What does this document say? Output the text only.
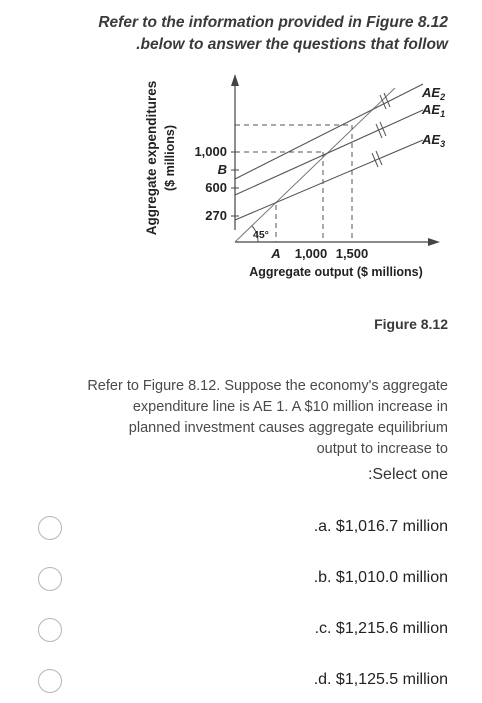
Refer to the information provided in Figure 8.12
.below to answer the questions that follow
45°
1,000
B
600
270
A 1,000 1,500
Aggregate output ($ millions)
Aggregate expenditures ($ millions)
$AE_2$
$AE_1$
$AE_3$
Figure 8.12
Refer to Figure 8.12. Suppose the economy's aggregate
expenditure line is AE 1. A $10 million increase in
planned investment causes aggregate equilibrium
output to increase to
:Select one
.a. $1,016.7 million
.b. $1,010.0 million
.c. $1,215.6 million
.d. $1,125.5 million
